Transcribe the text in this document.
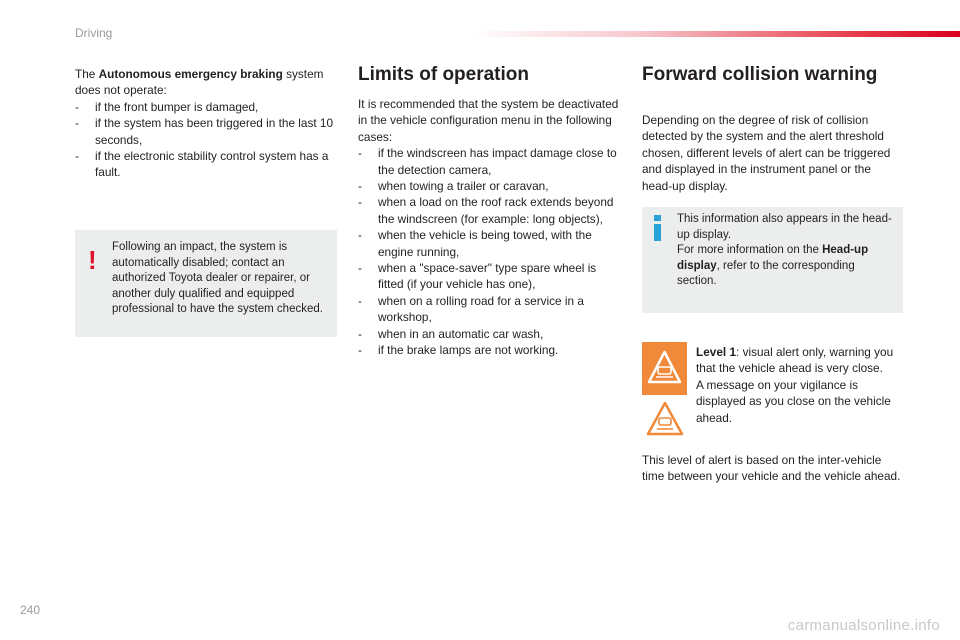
Driving
The Autonomous emergency braking system does not operate:
- if the front bumper is damaged,
- if the system has been triggered in the last 10 seconds,
- if the electronic stability control system has a fault.
! Following an impact, the system is automatically disabled; contact an authorized Toyota dealer or repairer, or another duly qualified and equipped professional to have the system checked.
Limits of operation
It is recommended that the system be deactivated in the vehicle configuration menu in the following cases:
- if the windscreen has impact damage close to the detection camera,
- when towing a trailer or caravan,
- when a load on the roof rack extends beyond the windscreen (for example: long objects),
- when the vehicle is being towed, with the engine running,
- when a "space-saver" type spare wheel is fitted (if your vehicle has one),
- when on a rolling road for a service in a workshop,
- when in an automatic car wash,
- if the brake lamps are not working.
Forward collision warning
Depending on the degree of risk of collision detected by the system and the alert threshold chosen, different levels of alert can be triggered and displayed in the instrument panel or the head-up display.
This information also appears in the head-up display.
For more information on the Head-up display, refer to the corresponding section.
Level 1: visual alert only, warning you that the vehicle ahead is very close.
A message on your vigilance is displayed as you close on the vehicle ahead.
This level of alert is based on the inter-vehicle time between your vehicle and the vehicle ahead.
240
carmanualsonline.info
